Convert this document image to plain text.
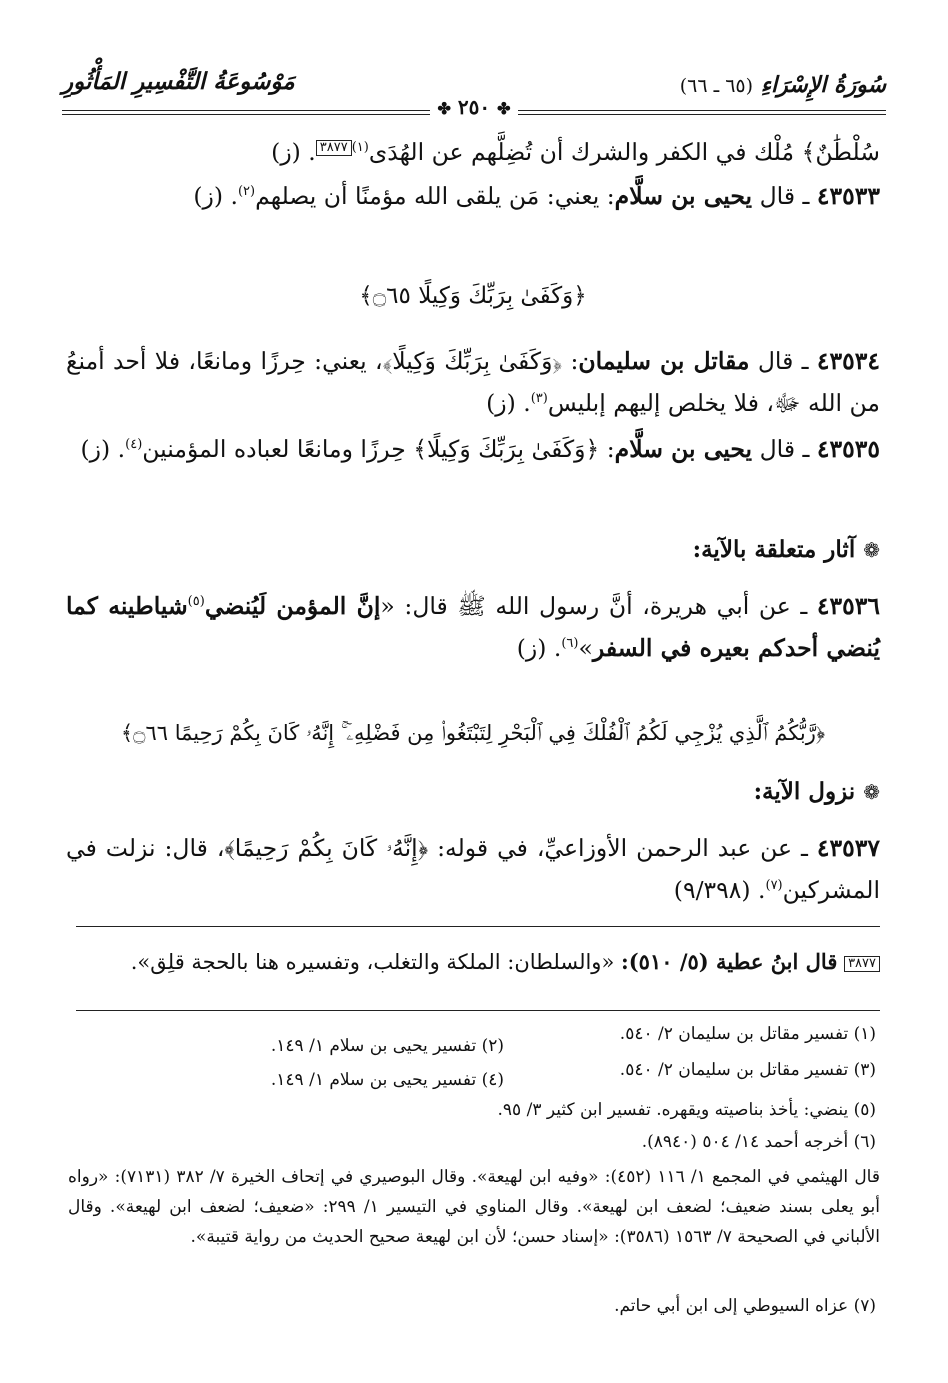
سُورَةُ الإِسْرَاءِ (٦٥ ـ ٦٦)
مَوْسُوعَةُ التَّفْسِيرِ المَأْثُورِ
✤ ٢٥٠ ✤
سُلْطَٰنٌ﴾ مُلْك في الكفر والشرك أن تُضِلَّهم عن الهُدَى$^{(١)}$٣٨٧٧. (ز)
٤٣٥٣٣ ـ قال يحيى بن سلَّام: يعني: مَن يلقى الله مؤمنًا أن يصلهم$^{(٢)}$. (ز)
﴿وَكَفَىٰ بِرَبِّكَ وَكِيلًا ۝٦٥﴾
٤٣٥٣٤ ـ قال مقاتل بن سليمان: ﴿وَكَفَىٰ بِرَبِّكَ وَكِيلًا﴾، يعني: حِرزًا ومانعًا، فلا أحد أمنعُ من الله ﷻ، فلا يخلص إليهم إبليس$^{(٣)}$. (ز)
٤٣٥٣٥ ـ قال يحيى بن سلَّام: ﴿وَكَفَىٰ بِرَبِّكَ وَكِيلًا﴾ حِرزًا ومانعًا لعباده المؤمنين$^{(٤)}$. (ز)
❁ آثار متعلقة بالآية:
٤٣٥٣٦ ـ عن أبي هريرة، أنَّ رسول الله ﷺ قال: «إنَّ المؤمن لَيُنضي$^{(٥)}$شياطينه كما يُنضي أحدكم بعيره في السفر»$^{(٦)}$. (ز)
﴿رَّبُّكُمُ ٱلَّذِي يُزْجِي لَكُمُ ٱلْفُلْكَ فِي ٱلْبَحْرِ لِتَبْتَغُوا۟ مِن فَضْلِهِۦٓ ۚ إِنَّهُۥ كَانَ بِكُمْ رَحِيمًا ۝٦٦﴾
❁ نزول الآية:
٤٣٥٣٧ ـ عن عبد الرحمن الأوزاعيِّ، في قوله: ﴿إِنَّهُۥ كَانَ بِكُمْ رَحِيمًا﴾، قال: نزلت في المشركين$^{(٧)}$. (٩/٣٩٨)
٣٨٧٧ قال ابنُ عطية (٥/ ٥١٠): «والسلطان: الملكة والتغلب، وتفسيره هنا بالحجة قلِق».
(١) تفسير مقاتل بن سليمان ٢/ ٥٤٠.
(٢) تفسير يحيى بن سلام ١/ ١٤٩.
(٣) تفسير مقاتل بن سليمان ٢/ ٥٤٠.
(٤) تفسير يحيى بن سلام ١/ ١٤٩.
(٥) ينضي: يأخذ بناصيته ويقهره. تفسير ابن كثير ٣/ ٩٥.
(٦) أخرجه أحمد ١٤/ ٥٠٤ (٨٩٤٠).
قال الهيثمي في المجمع ١/ ١١٦ (٤٥٢): «وفيه ابن لهيعة». وقال البوصيري في إتحاف الخيرة ٧/ ٣٨٢ (٧١٣١): «رواه أبو يعلى بسند ضعيف؛ لضعف ابن لهيعة». وقال المناوي في التيسير ١/ ٢٩٩: «ضعيف؛ لضعف ابن لهيعة». وقال الألباني في الصحيحة ٧/ ١٥٦٣ (٣٥٨٦): «إسناد حسن؛ لأن ابن لهيعة صحيح الحديث من رواية قتيبة».
(٧) عزاه السيوطي إلى ابن أبي حاتم.
